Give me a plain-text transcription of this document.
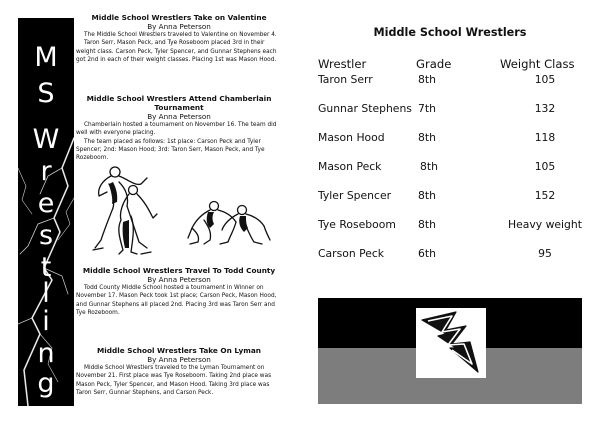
M
S
W
r
e
s
t
l
i
n
g

Middle School Wrestlers Take on Valentine

By Anna Peterson

The Middle School Wrestlers traveled to Valentine on November 4.

Taron Serr, Mason Peck, and Tye Roseboom placed 3rd in their weight class. Carson Peck, Tyler Spencer, and Gunnar Stephens each got 2nd in each of their weight classes. Placing 1st was Mason Hood.

Middle School Wrestlers Attend Chamberlain Tournament

By Anna Peterson

Chamberlain hosted a tournament on November 16. The team did well with everyone placing.

The team placed as follows: 1st place: Carson Peck and Tyler Spencer; 2nd: Mason Hood; 3rd: Taron Serr, Mason Peck, and Tye Rozeboom.

Middle School Wrestlers Travel To Todd County

By Anna Peterson

Todd County Middle School hosted a tournament in Winner on November 17. Mason Peck took 1st place; Carson Peck, Mason Hood, and Gunnar Stephens all placed 2nd. Placing 3rd was Taron Serr and Tye Rozeboom.

Middle School Wrestlers Take On Lyman

By Anna Peterson

Middle School Wrestlers traveled to the Lyman Tournament on November 21. First place was Tye Roseboom. Taking 2nd place was Mason Peck, Tyler Spencer, and Mason Hood. Taking 3rd place was Taron Serr, Gunnar Stephens, and Carson Peck.

Middle School Wrestlers
Wrestler	Grade	Weight Class
Taron Serr	8th	105
Gunnar Stephens 7th	132
Mason Hood	8th	118
Mason Peck	8th	105
Tyler Spencer 8th	152
Tye Roseboom 8th	Heavy weight
Carson Peck	6th	95
